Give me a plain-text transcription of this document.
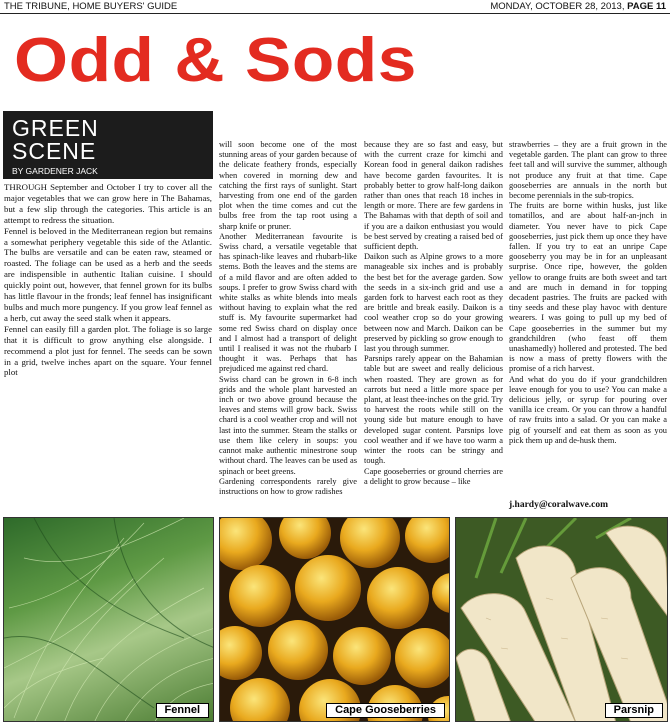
THE TRIBUNE, HOME BUYERS' GUIDE	MONDAY, OCTOBER 28, 2013, PAGE 11
Odd & Sods
GREEN
SCENE
BY GARDENER JACK

THROUGH September and October I try to cover all the major vegetables that we can grow here in The Bahamas, but a few slip through the categories. This article is an attempt to redress the situation.

Fennel is beloved in the Mediterranean region but remains a somewhat periphery vegetable this side of the Atlantic. The bulbs are versatile and can be eaten raw, steamed or roasted. The foliage can be used as a herb and the seeds are indispensible in authentic Italian cuisine. I should quickly point out, however, that fennel grown for its bulbs has little flavour in the fronds; leaf fennel has insignificant bulbs and much more pungency. If you grow leaf fennel as a herb, cut away the seed stalk when it appears.

Fennel can easily fill a garden plot. The foliage is so large that it is difficult to grow anything else alongside. I recommend a plot just for fennel. The seeds can be sown in a grid, twelve inches apart on the square. Your fennel plot

will soon become one of the most stunning areas of your garden because of the delicate feathery fronds, especially when covered in morning dew and catching the first rays of sunlight. Start harvesting from one end of the garden plot when the time comes and cut the bulbs free from the tap root using a sharp knife or pruner.

Another Mediterranean favourite is Swiss chard, a versatile vegetable that has spinach-like leaves and rhubarb-like stems. Both the leaves and the stems are of a mild flavor and are often added to soups. I prefer to grow Swiss chard with white stalks as white blends into meals without having to explain what the red stuff is. My favourite supermarket had some red Swiss chard on display once and I almost had a transport of delight until I realised it was not the rhubarb I thought it was. Perhaps that has prejudiced me against red chard.

Swiss chard can be grown in 6-8 inch grids and the whole plant harvested an inch or two above ground because the leaves and stems will grow back. Swiss chard is a cool weather crop and will not last into the summer. Steam the stalks or use them like celery in soups: you cannot make authentic minestrone soup without chard. The leaves can be used as spinach or beet greens.

Gardening correspondents rarely give instructions on how to grow radishes

because they are so fast and easy, but with the current craze for kimchi and Korean food in general daikon radishes have become garden favourites. It is probably better to grow half-long daikon rather than ones that reach 18 inches in length or more. There are few gardens in The Bahamas with that depth of soil and if you are a daikon enthusiast you would be best served by creating a raised bed of sufficient depth.

Daikon such as Alpine grows to a more manageable six inches and is probably the best bet for the average garden. Sow the seeds in a six-inch grid and use a garden fork to harvest each root as they are brittle and break easily. Daikon is a cool weather crop so do your growing between now and March. Daikon can be preserved by pickling so grow enough to last you through summer.

Parsnips rarely appear on the Bahamian table but are sweet and really delicious when roasted. They are grown as for carrots but need a little more space per plant, at least thee-inches on the grid. Try to harvest the roots while still on the young side but mature enough to have developed sugar content. Parsnips love cool weather and if we have too warm a winter the roots can be stringy and tough.

Cape gooseberries or ground cherries are a delight to grow because – like

strawberries – they are a fruit grown in the vegetable garden. The plant can grow to three feet tall and will survive the summer, although not produce any fruit at that time. Cape gooseberries are annuals in the north but become perennials in the sub-tropics.

The fruits are borne within husks, just like tomatillos, and are about half-an-jnch in diameter. You never have to pick Cape gooseberries, just pick them up once they have fallen. If you try to eat an unripe Cape gooseberry you may be in for an unpleasant surprise. Once ripe, however, the golden yellow to orange fruits are both sweet and tart and are much in demand in for topping decadent pastries. The fruits are packed with tiny seeds and these play havoc with denture wearers. I was going to pull up my bed of Cape gooseberries in the summer but my grandchildren (who feast off them unashamedly) hollered and protested. The bed is now a mass of pretty flowers with the promise of a rich harvest.

And what do you do if your grandchildren leave enough for you to use? You can make a delicious jelly, or syrup for pouring over vanilla ice cream. Or you can throw a handful of raw fruits into a salad. Or you can make a pig of yourself and eat them as soon as you pick them up and de-husk them.

j.hardy@coralwave.com
Fennel	Cape Gooseberries	Parsnip
